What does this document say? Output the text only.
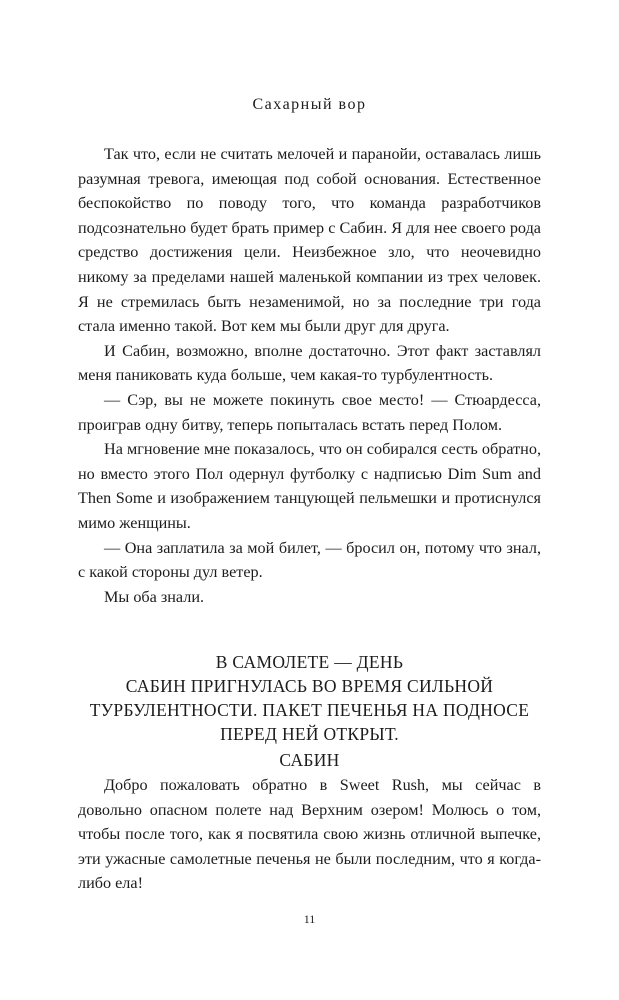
Сахарный вор

Так что, если не считать мелочей и паранойи, оставалась лишь разумная тревога, имеющая под собой основания. Естественное беспокойство по поводу того, что команда разработчиков подсознательно будет брать пример с Сабин. Я для нее своего рода средство достижения цели. Неизбежное зло, что неочевидно никому за пределами нашей маленькой компании из трех человек. Я не стремилась быть незаменимой, но за последние три года стала именно такой. Вот кем мы были друг для друга.

И Сабин, возможно, вполне достаточно. Этот факт заставлял меня паниковать куда больше, чем какая-то турбулентность.

— Сэр, вы не можете покинуть свое место! — Стюардесса, проиграв одну битву, теперь попыталась встать перед Полом.

На мгновение мне показалось, что он собирался сесть обратно, но вместо этого Пол одернул футболку с надписью Dim Sum and Then Some и изображением танцующей пельмешки и протиснулся мимо женщины.

— Она заплатила за мой билет, — бросил он, потому что знал, с какой стороны дул ветер.

Мы оба знали.

В САМОЛЕТЕ — ДЕНЬ
САБИН ПРИГНУЛАСЬ ВО ВРЕМЯ СИЛЬНОЙ
ТУРБУЛЕНТНОСТИ. ПАКЕТ ПЕЧЕНЬЯ НА ПОДНОСЕ
ПЕРЕД НЕЙ ОТКРЫТ.
САБИН

Добро пожаловать обратно в Sweet Rush, мы сейчас в довольно опасном полете над Верхним озером! Молюсь о том, чтобы после того, как я посвятила свою жизнь отличной выпечке, эти ужасные самолетные печенья не были последним, что я когда-либо ела!

11
